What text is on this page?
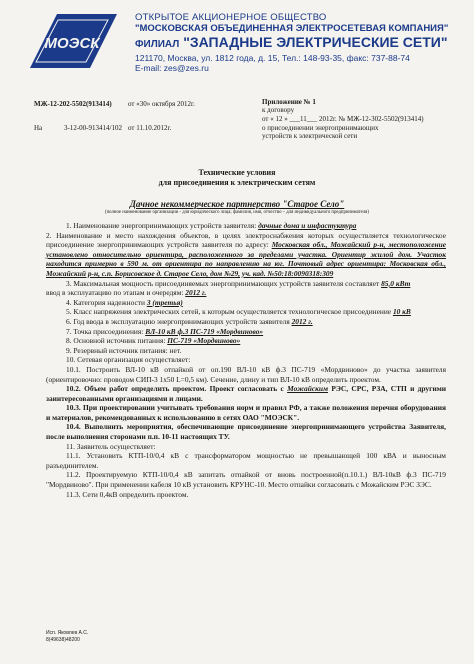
МОЭСК
ОТКРЫТОЕ АКЦИОНЕРНОЕ ОБЩЕСТВО
"МОСКОВСКАЯ ОБЪЕДИНЕННАЯ ЭЛЕКТРОСЕТЕВАЯ КОМПАНИЯ"
ФИЛИАЛ "ЗАПАДНЫЕ ЭЛЕКТРИЧЕСКИЕ СЕТИ"
121170, Москва, ул. 1812 года, д. 15, Тел.: 148-93-35, факс: 737-88-74
E-mail: zes@zes.ru
МЖ-12-202-5502(913414) от «30» октября 2012г.
На	3-12-00-913414/102 от 11.10.2012г.
Приложение № 1
к договору
от « 12 » ___11___ 2012г. № МЖ-12-302-5502(913414)
о присоединении энергопринимающих
устройств к электрической сети
Технические условия
для присоединения к электрическим сетям
Дачное некоммерческое партнерство "Старое Село"
(полное наименование организации - для юридического лица; фамилия, имя, отчество – для индивидуального предпринимателя)

1. Наименование энергопринимающих устройств заявителя: дачные дома и инфастуктура

2. Наименование и место нахождения объектов, в целях электроснабжения которых осуществляется технологическое присоединение энергопринимающих устройств заявителя по адресу: Московская обл., Можайский р-н, местоположение установлено относительно ориентира, расположенного за пределами участка. Ориентир жилой дом. Участок находится примерно в 590 м. от ориентира по направлению на юг. Почтовый адрес ориентира: Московская обл., Можайский р-н, с.п. Борисовское д. Старое Село, дом №29, уч. кад. №50:18:0090318:309

3. Максимальная мощность присоединяемых энергопринимающих устройств заявителя составляет 85,0 кВт

ввод в эксплуатацию по этапам и очередям: 2012 г.

4. Категория надежности 3 (третья)

5. Класс напряжения электрических сетей, к которым осуществляется технологическое присоединение 10 кВ

6. Год ввода в эксплуатацию энергопринимающих устройств заявителя 2012 г.

7. Точка присоединения: ВЛ-10 кВ ф.3 ПС-719 «Мордвиново»

8. Основной источник питания: ПС-719 «Мордвиново»

9. Резервный источник питания: нет.

10. Сетевая организация осуществляет:

10.1. Построить ВЛ-10 кВ отпайкой от оп.190 ВЛ-10 кВ ф.3 ПС-719 «Мордвиново» до участка заявителя (ориентировочно: проводом СИП-3 1х50 L=0,5 км). Сечение, длину и тип ВЛ-10 кВ определить проектом.

10.2. Объем работ определить проектом. Проект согласовать с Можайским РЭС, СРС, РЗА, СТП и другими заинтересованными организациями и лицами.

10.3. При проектировании учитывать требования норм и правил РФ, а также положения перечня оборудования и материалов, рекомендованных к использованию в сетях ОАО "МОЭСК".

10.4. Выполнить мероприятия, обеспечивающие присоединение энергопринимающего устройства Заявителя, после выполнения сторонами п.п. 10-11 настоящих ТУ.

11. Заявитель осуществляет:

11.1. Установить КТП-10/0,4 кВ с трансформатором мощностью не превышающей 100 кВА и выносным разъединителем.

11.2. Проектируемую КТП-10/0,4 кВ запитать отпайкой от вновь построенной(п.10.1.) ВЛ-10кВ ф.3 ПС-719 "Мордвиново". При применении кабеля 10 кВ установить КРУНС-10. Место отпайки согласовать с Можайским РЭС ЗЭС.

11.3. Сети 0,4кВ определить проектом.

Исп. Яковлев А.С.
8(49638)48200
